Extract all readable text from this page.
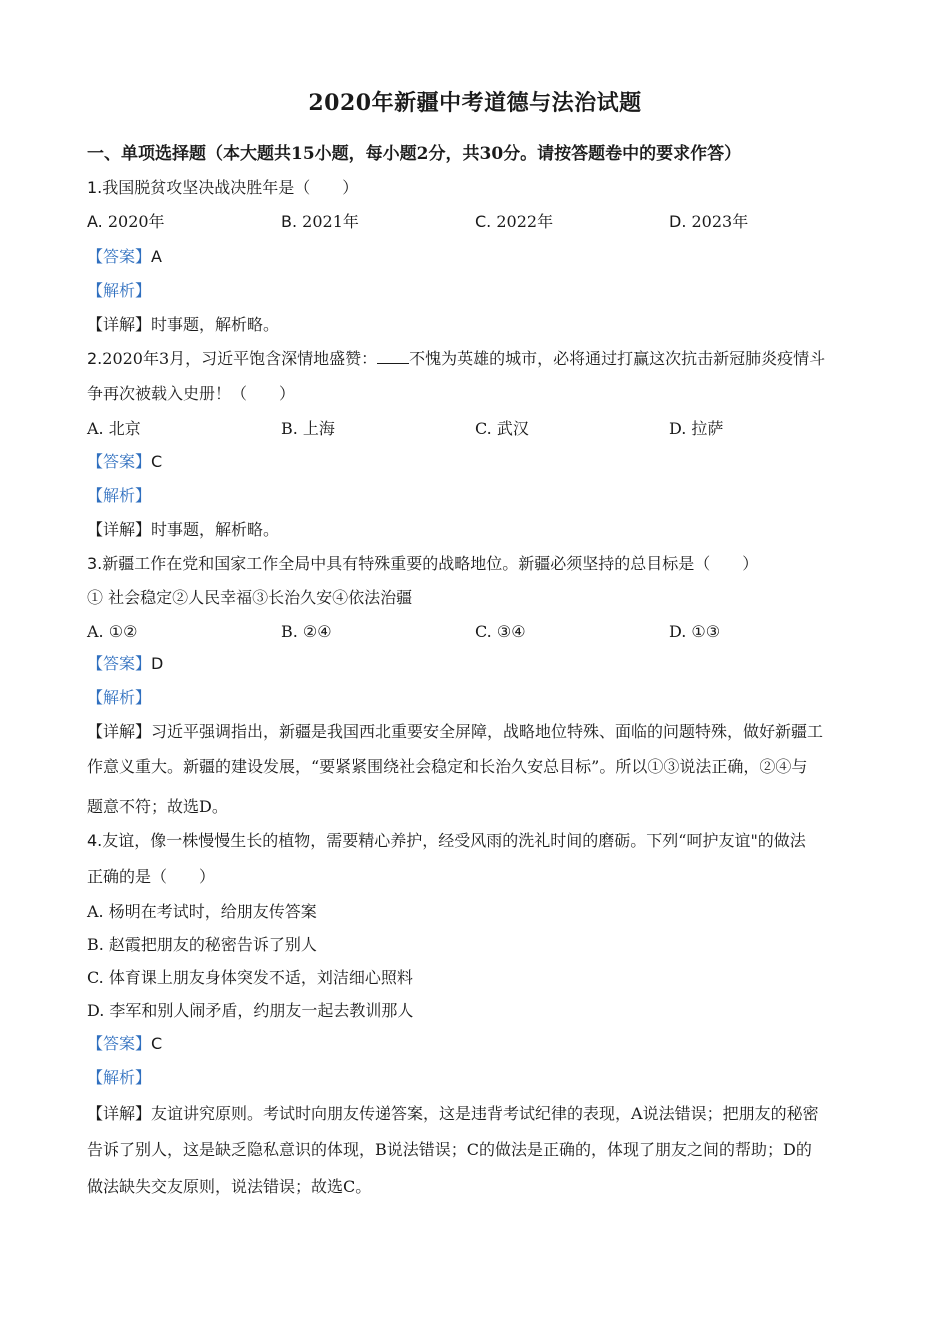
2020年新疆中考道德与法治试题
一、单项选择题（本大题共15小题，每小题2分，共30分。请按答题卷中的要求作答）
1.我国脱贫攻坚决战决胜年是（　　）
A. 2020年	B. 2021年	C. 2022年	D. 2023年
【答案】A
【解析】
【详解】时事题，解析略。
2.2020年3月，习近平饱含深情地盛赞： 不愧为英雄的城市，必将通过打赢这次抗击新冠肺炎疫情斗
争再次被载入史册！（　　）
A. 北京	B. 上海	C. 武汉	D. 拉萨
【答案】C
【解析】
【详解】时事题，解析略。
3.新疆工作在党和国家工作全局中具有特殊重要的战略地位。新疆必须坚持的总目标是（　　）
① 社会稳定②人民幸福③长治久安④依法治疆
A. ①②	B. ②④	C. ③④	D. ①③
【答案】D
【解析】
【详解】习近平强调指出，新疆是我国西北重要安全屏障，战略地位特殊、面临的问题特殊，做好新疆工
作意义重大。新疆的建设发展，“要紧紧围绕社会稳定和长治久安总目标”。所以①③说法正确，②④与
题意不符；故选D。
4.友谊，像一株慢慢生长的植物，需要精心养护，经受风雨的洗礼时间的磨砺。下列“呵护友谊"的做法
正确的是（　　）
A. 杨明在考试时，给朋友传答案
B. 赵霞把朋友的秘密告诉了别人
C. 体育课上朋友身体突发不适，刘洁细心照料
D. 李军和别人闹矛盾，约朋友一起去教训那人
【答案】C
【解析】
【详解】友谊讲究原则。考试时向朋友传递答案，这是违背考试纪律的表现，A说法错误；把朋友的秘密
告诉了别人，这是缺乏隐私意识的体现，B说法错误；C的做法是正确的，体现了朋友之间的帮助；D的
做法缺失交友原则，说法错误；故选C。
